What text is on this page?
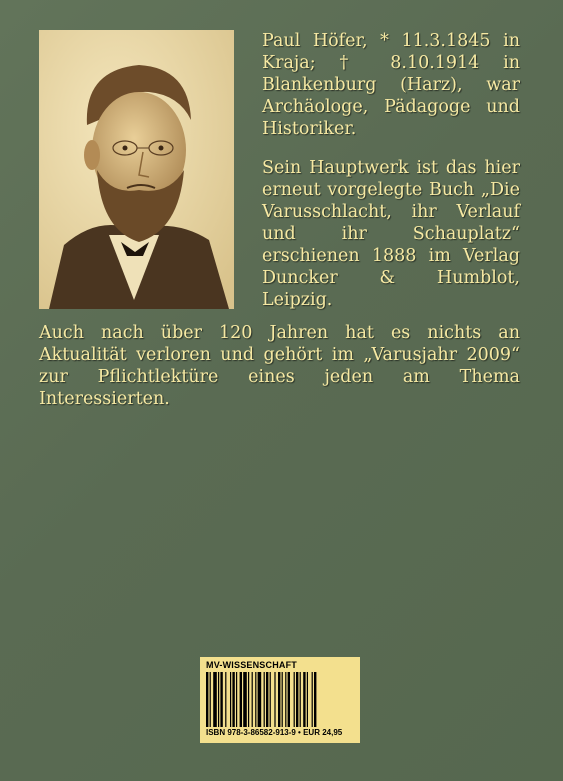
Paul Höfer, * 11.3.1845 in Kraja; † 8.10.1914 in Blankenburg (Harz), war Archäologe, Pädagoge und Historiker.

Sein Hauptwerk ist das hier erneut vorgelegte Buch „Die Varusschlacht, ihr Verlauf und ihr Schauplatz“ erschienen 1888 im Verlag Duncker & Humblot, Leipzig.

Auch nach über 120 Jahren hat es nichts an Aktualität verloren und gehört im „Varusjahr 2009“ zur Pflichtlektüre eines jeden am Thema Interessierten.

MV-WISSENSCHAFT
ISBN 978-3-86582-913-9 • EUR 24,95
